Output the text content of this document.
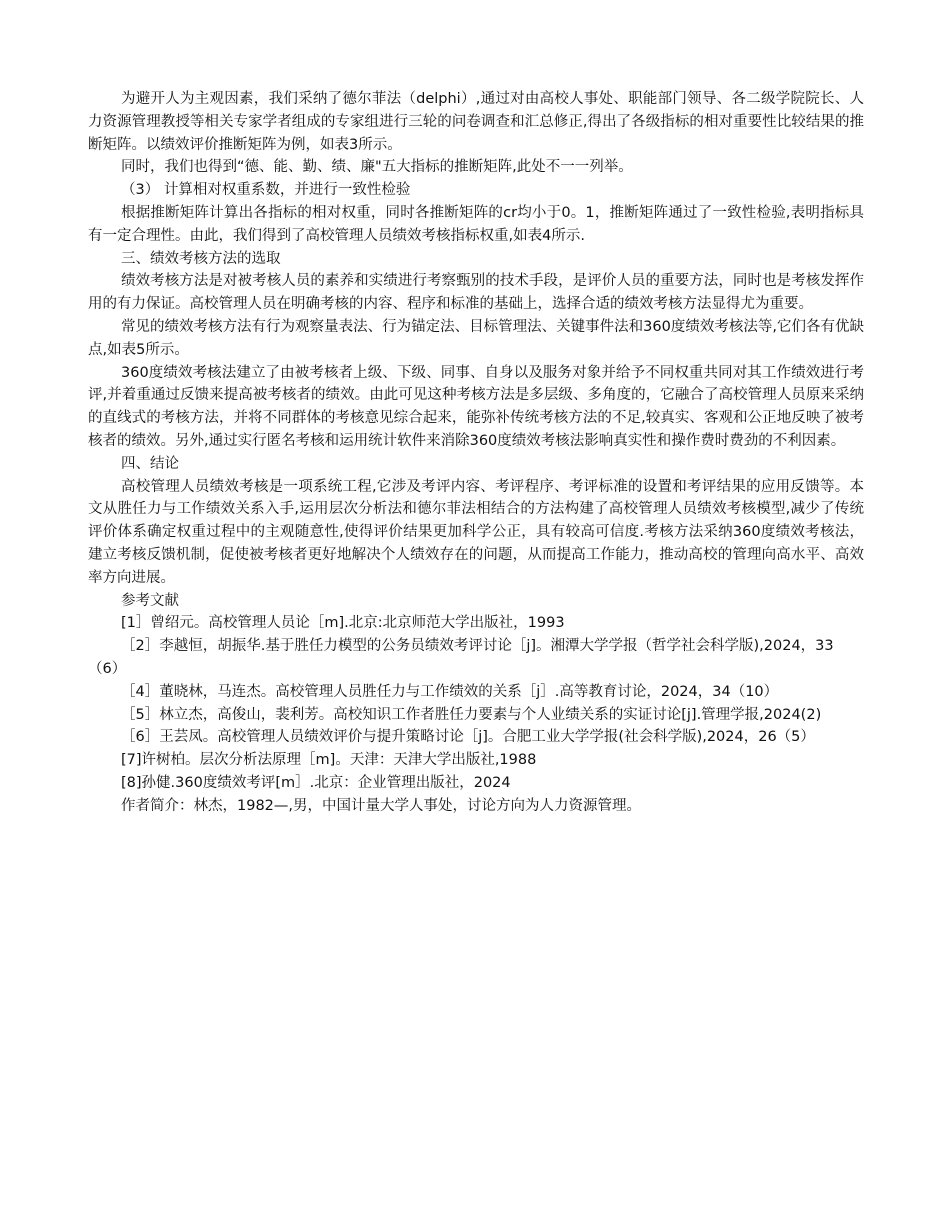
为避开人为主观因素，我们采纳了德尔菲法（delphi）,通过对由高校人事处、职能部门领导、各二级学院院长、人力资源管理教授等相关专家学者组成的专家组进行三轮的问卷调查和汇总修正,得出了各级指标的相对重要性比较结果的推断矩阵。以绩效评价推断矩阵为例，如表3所示。

同时，我们也得到“德、能、勤、绩、廉"五大指标的推断矩阵,此处不一一列举。

（3） 计算相对权重系数，并进行一致性检验

根据推断矩阵计算出各指标的相对权重，同时各推断矩阵的cr均小于0。1，推断矩阵通过了一致性检验,表明指标具有一定合理性。由此，我们得到了高校管理人员绩效考核指标权重,如表4所示.

三、绩效考核方法的选取

绩效考核方法是对被考核人员的素养和实绩进行考察甄别的技术手段，是评价人员的重要方法，同时也是考核发挥作用的有力保证。高校管理人员在明确考核的内容、程序和标准的基础上，选择合适的绩效考核方法显得尤为重要。

常见的绩效考核方法有行为观察量表法、行为锚定法、目标管理法、关键事件法和360度绩效考核法等,它们各有优缺点,如表5所示。

360度绩效考核法建立了由被考核者上级、下级、同事、自身以及服务对象并给予不同权重共同对其工作绩效进行考评,并着重通过反馈来提高被考核者的绩效。由此可见这种考核方法是多层级、多角度的，它融合了高校管理人员原来采纳的直线式的考核方法，并将不同群体的考核意见综合起来，能弥补传统考核方法的不足,较真实、客观和公正地反映了被考核者的绩效。另外,通过实行匿名考核和运用统计软件来消除360度绩效考核法影响真实性和操作费时费劲的不利因素。

四、结论

高校管理人员绩效考核是一项系统工程,它涉及考评内容、考评程序、考评标准的设置和考评结果的应用反馈等。本文从胜任力与工作绩效关系入手,运用层次分析法和德尔菲法相结合的方法构建了高校管理人员绩效考核模型,减少了传统评价体系确定权重过程中的主观随意性,使得评价结果更加科学公正，具有较高可信度.考核方法采纳360度绩效考核法，建立考核反馈机制，促使被考核者更好地解决个人绩效存在的问题，从而提高工作能力，推动高校的管理向高水平、高效率方向进展。

参考文献

[1］曾绍元。高校管理人员论［m].北京:北京师范大学出版社，1993

［2］李越恒，胡振华.基于胜任力模型的公务员绩效考评讨论［j]。湘潭大学学报（哲学社会科学版),2024，33 （6）

［4］董晓林，马连杰。高校管理人员胜任力与工作绩效的关系［j］.高等教育讨论，2024，34（10）

［5］林立杰，高俊山，裴利芳。高校知识工作者胜任力要素与个人业绩关系的实证讨论[j].管理学报,2024(2)

［6］王芸凤。高校管理人员绩效评价与提升策略讨论［j]。合肥工业大学学报(社会科学版),2024，26（5）

[7]许树柏。层次分析法原理［m]。天津：天津大学出版社,1988

[8]孙健.360度绩效考评[m］.北京：企业管理出版社，2024

作者简介：林杰，1982—,男，中国计量大学人事处，讨论方向为人力资源管理。
